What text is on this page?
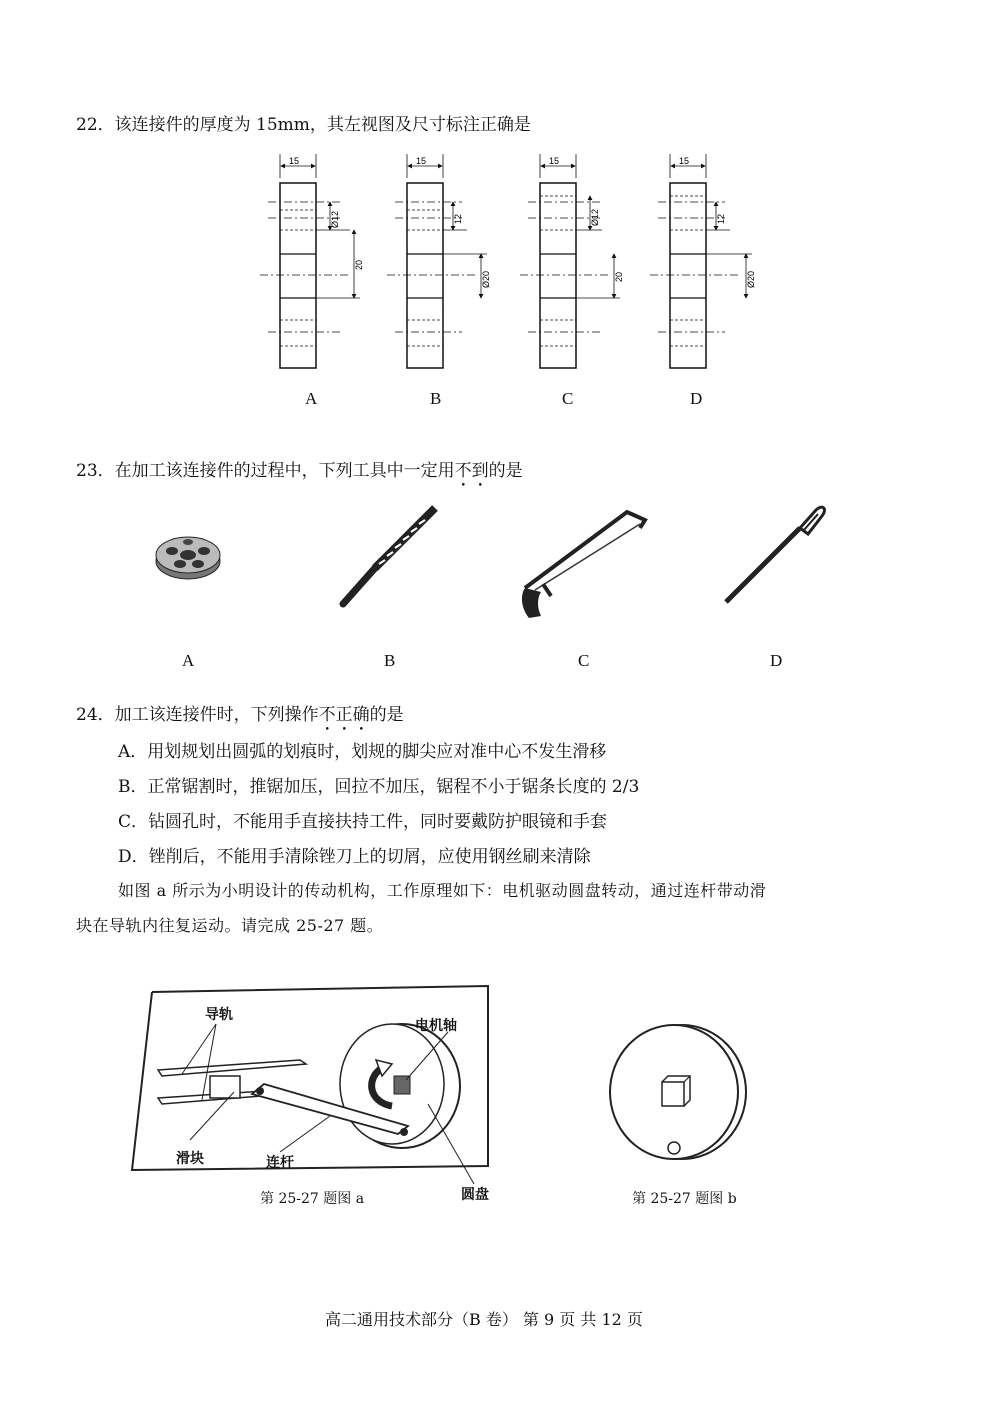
22．该连接件的厚度为 15mm，其左视图及尺寸标注正确是
15
Ø12
20
15
12
Ø20
15
Ø12
20
15
12
Ø20
A	B	C	D
23．在加工该连接件的过程中，下列工具中一定用不到的是
A	B	C	D
24．加工该连接件时，下列操作不正确的是
A．用划规划出圆弧的划痕时，划规的脚尖应对准中心不发生滑移
B．正常锯割时，推锯加压，回拉不加压，锯程不小于锯条长度的 2/3
C．钻圆孔时，不能用手直接扶持工件，同时要戴防护眼镜和手套
D．锉削后，不能用手清除锉刀上的切屑，应使用钢丝刷来清除
如图 a 所示为小明设计的传动机构，工作原理如下：电机驱动圆盘转动，通过连杆带动滑
块在导轨内往复运动。请完成 25-27 题。
导轨
电机轴
滑块	连杆
圆盘
第 25-27 题图 a	第 25-27 题图 b
高二通用技术部分（B 卷） 第 9 页 共 12 页
